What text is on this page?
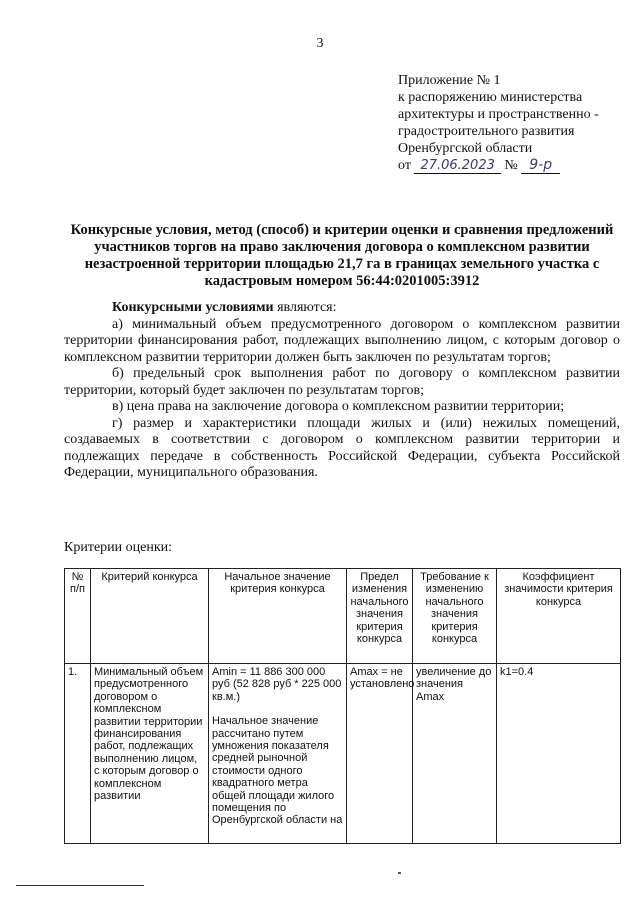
3
Приложение № 1
к распоряжению министерства
архитектуры и пространственно -
градостроительного развития
Оренбургской области
от 27.06.2023 № 9-р
Конкурсные условия, метод (способ) и критерии оценки и сравнения предложений участников торгов на право заключения договора о комплексном развитии незастроенной территории площадью 21,7 га в границах земельного участка с кадастровым номером 56:44:0201005:3912

Конкурсными условиями являются:

а) минимальный объем предусмотренного договором о комплексном развитии территории финансирования работ, подлежащих выполнению лицом, с которым договор о комплексном развитии территории должен быть заключен по результатам торгов;

б) предельный срок выполнения работ по договору о комплексном развитии территории, который будет заключен по результатам торгов;

в) цена права на заключение договора о комплексном развитии территории;

г) размер и характеристики площади жилых и (или) нежилых помещений, создаваемых в соответствии с договором о комплексном развитии территории и подлежащих передаче в собственность Российской Федерации, субъекта Российской Федерации, муниципального образования.

Критерии оценки:
№ п/п	Критерий конкурса	Начальное значение критерия конкурса	Предел изменения начального значения критерия конкурса	Требование к изменению начального значения критерия конкурса	Коэффициент значимости критерия конкурса
1.	Минимальный объем предусмотренного договором о комплексном развитии территории финансирования работ, подлежащих выполнению лицом, с которым договор о комплексном развитии	Amin = 11 886 300 000 руб (52 828 руб * 225 000 кв.м.)
Начальное значение рассчитано путем умножения показателя средней рыночной стоимости одного квадратного метра общей площади жилого помещения по Оренбургской области на	Amax = не установлено	увеличение до значения Amax	k1=0.4
